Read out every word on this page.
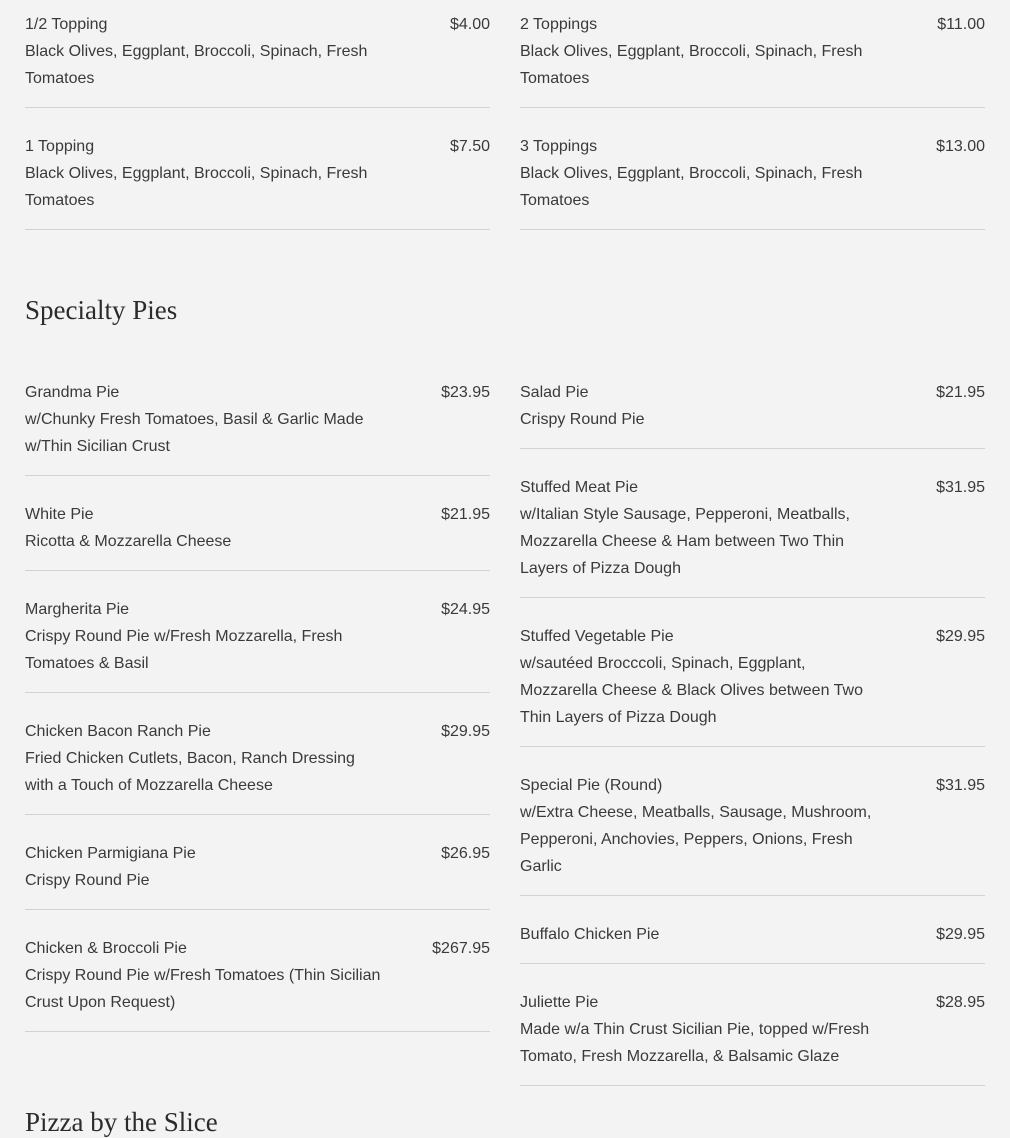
1/2 Topping
Black Olives, Eggplant, Broccoli, Spinach, Fresh Tomatoes
$4.00
1 Topping
Black Olives, Eggplant, Broccoli, Spinach, Fresh Tomatoes
$7.50
2 Toppings
Black Olives, Eggplant, Broccoli, Spinach, Fresh Tomatoes
$11.00
3 Toppings
Black Olives, Eggplant, Broccoli, Spinach, Fresh Tomatoes
$13.00
Specialty Pies
Grandma Pie
w/Chunky Fresh Tomatoes, Basil & Garlic Made w/Thin Sicilian Crust
$23.95
White Pie
Ricotta & Mozzarella Cheese
$21.95
Margherita Pie
Crispy Round Pie w/Fresh Mozzarella, Fresh Tomatoes & Basil
$24.95
Chicken Bacon Ranch Pie
Fried Chicken Cutlets, Bacon, Ranch Dressing with a Touch of Mozzarella Cheese
$29.95
Chicken Parmigiana Pie
Crispy Round Pie
$26.95
Chicken & Broccoli Pie
Crispy Round Pie w/Fresh Tomatoes (Thin Sicilian Crust Upon Request)
$267.95
Salad Pie
Crispy Round Pie
$21.95
Stuffed Meat Pie
w/Italian Style Sausage, Pepperoni, Meatballs, Mozzarella Cheese & Ham between Two Thin Layers of Pizza Dough
$31.95
Stuffed Vegetable Pie
w/sautéed Brocccoli, Spinach, Eggplant, Mozzarella Cheese & Black Olives between Two Thin Layers of Pizza Dough
$29.95
Special Pie (Round)
w/Extra Cheese, Meatballs, Sausage, Mushroom, Pepperoni, Anchovies, Peppers, Onions, Fresh Garlic
$31.95
Buffalo Chicken Pie	$29.95
Juliette Pie
Made w/a Thin Crust Sicilian Pie, topped w/Fresh Tomato, Fresh Mozzarella, & Balsamic Glaze
$28.95
Pizza by the Slice
